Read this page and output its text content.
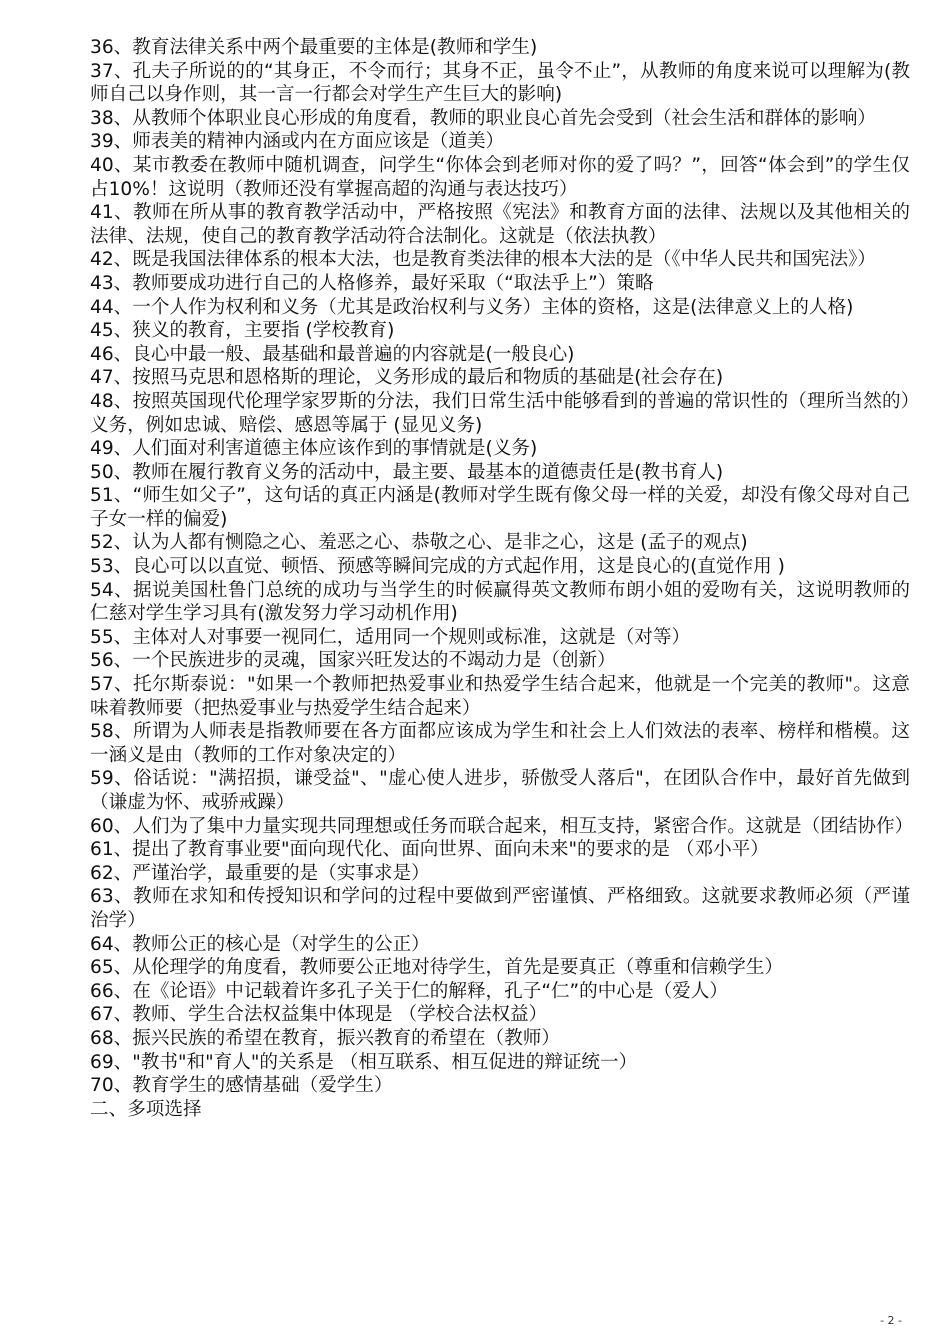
36、教育法律关系中两个最重要的主体是(教师和学生)

37、孔夫子所说的的“其身正，不令而行；其身不正，虽令不止”，从教师的角度来说可以理解为(教师自己以身作则，其一言一行都会对学生产生巨大的影响)

38、从教师个体职业良心形成的角度看，教师的职业良心首先会受到（社会生活和群体的影响）

39、师表美的精神内涵或内在方面应该是（道美）

40、某市教委在教师中随机调查，问学生“你体会到老师对你的爱了吗？”，回答“体会到”的学生仅占10%！这说明（教师还没有掌握高超的沟通与表达技巧）

41、教师在所从事的教育教学活动中，严格按照《宪法》和教育方面的法律、法规以及其他相关的法律、法规，使自己的教育教学活动符合法制化。这就是（依法执教）

42、既是我国法律体系的根本大法，也是教育类法律的根本大法的是（《中华人民共和国宪法》）

43、教师要成功进行自己的人格修养，最好采取（“取法乎上”）策略

44、一个人作为权利和义务（尤其是政治权利与义务）主体的资格，这是(法律意义上的人格)

45、狭义的教育，主要指 (学校教育)

46、良心中最一般、最基础和最普遍的内容就是(一般良心)

47、按照马克思和恩格斯的理论，义务形成的最后和物质的基础是(社会存在)

48、按照英国现代伦理学家罗斯的分法，我们日常生活中能够看到的普遍的常识性的（理所当然的）义务，例如忠诚、赔偿、感恩等属于 (显见义务)

49、人们面对利害道德主体应该作到的事情就是(义务)

50、教师在履行教育义务的活动中，最主要、最基本的道德责任是(教书育人)

51、“师生如父子”，这句话的真正内涵是(教师对学生既有像父母一样的关爱，却没有像父母对自己子女一样的偏爱)

52、认为人都有恻隐之心、羞恶之心、恭敬之心、是非之心，这是 (孟子的观点)

53、良心可以以直觉、顿悟、预感等瞬间完成的方式起作用，这是良心的(直觉作用 )

54、据说美国杜鲁门总统的成功与当学生的时候赢得英文教师布朗小姐的爱吻有关，这说明教师的仁慈对学生学习具有(激发努力学习动机作用)

55、主体对人对事要一视同仁，适用同一个规则或标准，这就是（对等）

56、一个民族进步的灵魂，国家兴旺发达的不竭动力是（创新）

57、托尔斯泰说："如果一个教师把热爱事业和热爱学生结合起来，他就是一个完美的教师"。这意味着教师要（把热爱事业与热爱学生结合起来）

58、所谓为人师表是指教师要在各方面都应该成为学生和社会上人们效法的表率、榜样和楷模。这一涵义是由（教师的工作对象决定的）

59、俗话说："满招损，谦受益"、"虚心使人进步，骄傲受人落后"，在团队合作中，最好首先做到（谦虚为怀、戒骄戒躁）

60、人们为了集中力量实现共同理想或任务而联合起来，相互支持，紧密合作。这就是（团结协作）

61、提出了教育事业要"面向现代化、面向世界、面向未来"的要求的是 （邓小平）

62、严谨治学，最重要的是（实事求是）

63、教师在求知和传授知识和学问的过程中要做到严密谨慎、严格细致。这就要求教师必须（严谨治学）

64、教师公正的核心是（对学生的公正）

65、从伦理学的角度看，教师要公正地对待学生，首先是要真正（尊重和信赖学生）

66、在《论语》中记载着许多孔子关于仁的解释，孔子“仁”的中心是（爱人）

67、教师、学生合法权益集中体现是 （学校合法权益）

68、振兴民族的希望在教育，振兴教育的希望在（教师）

69、"教书"和"育人"的关系是 （相互联系、相互促进的辩证统一）

70、教育学生的感情基础（爱学生）

二、多项选择

- 2 -
